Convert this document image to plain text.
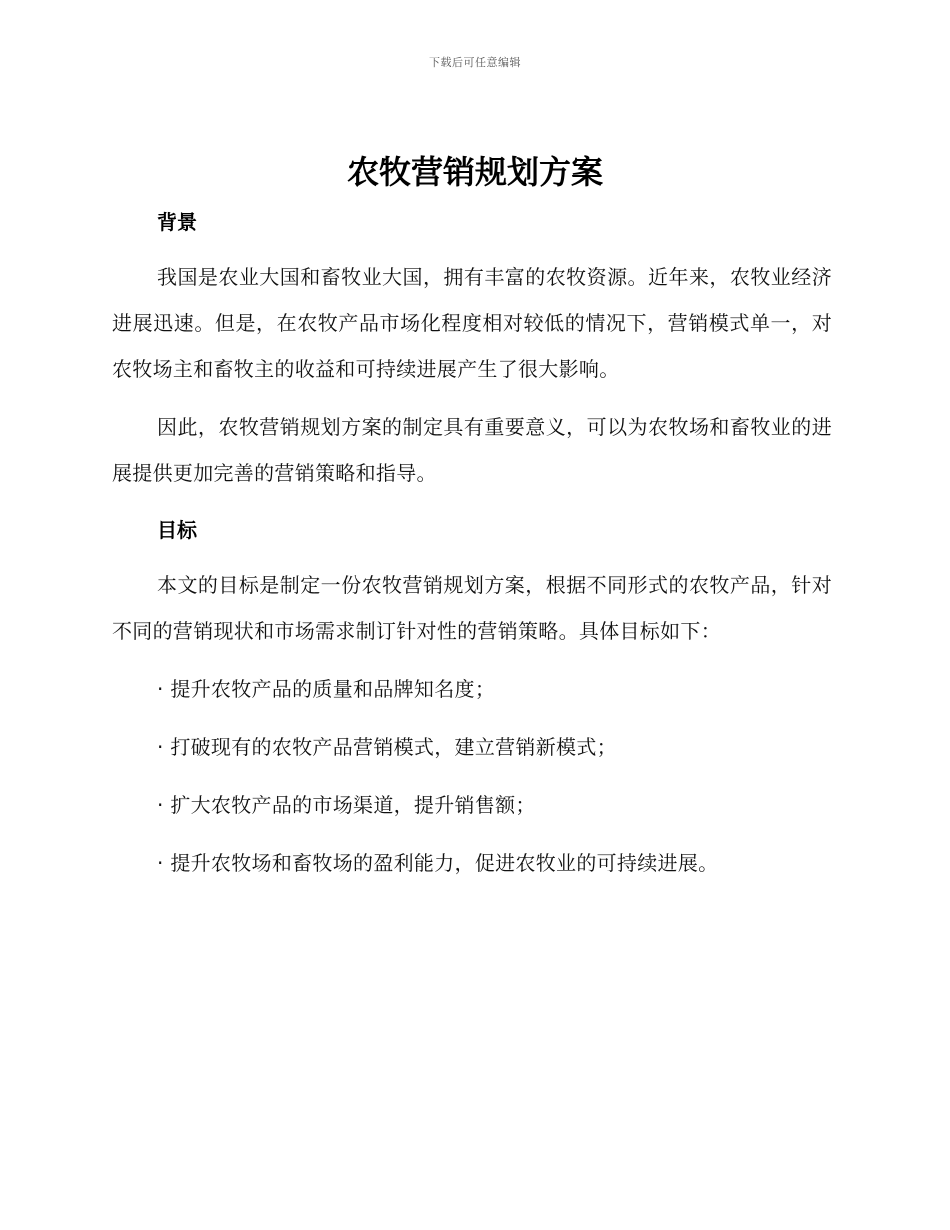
下载后可任意编辑
农牧营销规划方案
背景

我国是农业大国和畜牧业大国，拥有丰富的农牧资源。近年来，农牧业经济进展迅速。但是，在农牧产品市场化程度相对较低的情况下，营销模式单一，对农牧场主和畜牧主的收益和可持续进展产生了很大影响。

因此，农牧营销规划方案的制定具有重要意义，可以为农牧场和畜牧业的进展提供更加完善的营销策略和指导。

目标

本文的目标是制定一份农牧营销规划方案，根据不同形式的农牧产品，针对不同的营销现状和市场需求制订针对性的营销策略。具体目标如下：

· 提升农牧产品的质量和品牌知名度；
· 打破现有的农牧产品营销模式，建立营销新模式；
· 扩大农牧产品的市场渠道，提升销售额；
· 提升农牧场和畜牧场的盈利能力，促进农牧业的可持续进展。
